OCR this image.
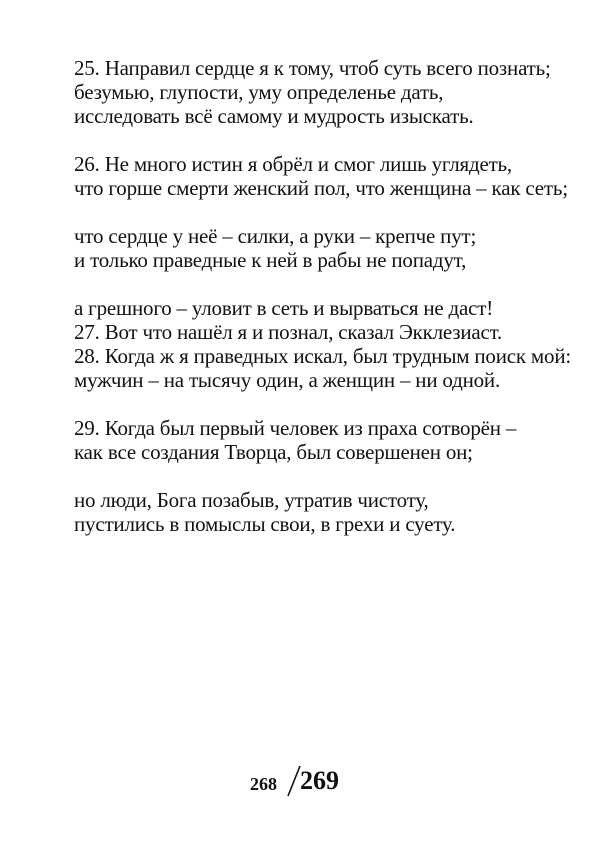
25. Направил сердце я к тому, чтоб суть всего познать;
безумью, глупости, уму определенье дать,
исследовать всё самому и мудрость изыскать.
26. Не много истин я обрёл и смог лишь углядеть,
что горше смерти женский пол, что женщина – как сеть;
что сердце у неё – силки, а руки – крепче пут;
и только праведные к ней в рабы не попадут,
а грешного – уловит в сеть и вырваться не даст!
27. Вот что нашёл я и познал, сказал Экклезиаст.
28. Когда ж я праведных искал, был трудным поиск мой:
мужчин – на тысячу один, а женщин – ни одной.
29. Когда был первый человек из праха сотворён –
как все создания Творца, был совершенен он;
но люди, Бога позабыв, утратив чистоту,
пустились в помыслы свои, в грехи и суету.
268 269
